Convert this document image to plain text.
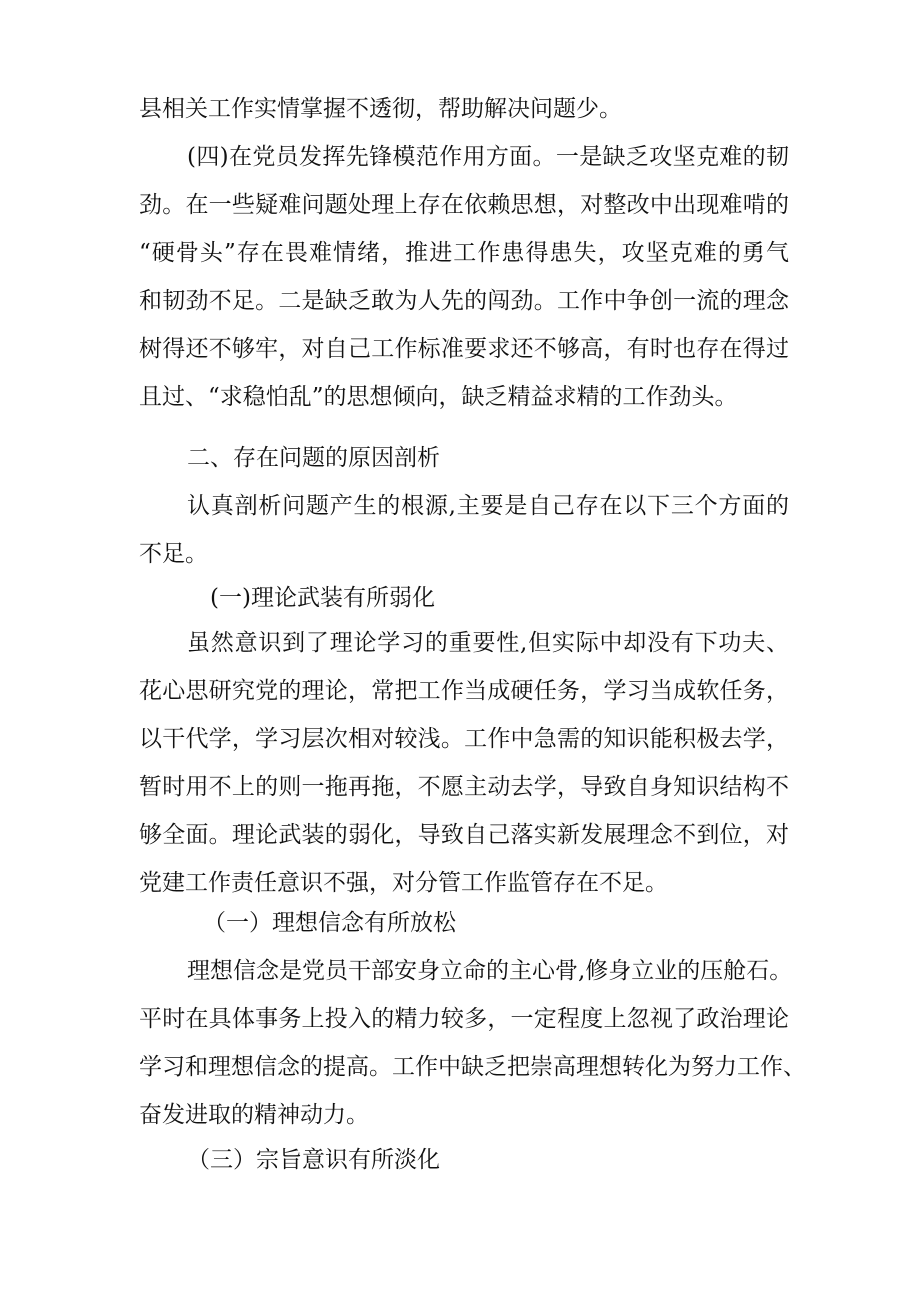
县相关工作实情掌握不透彻，帮助解决问题少。
(四)在党员发挥先锋模范作用方面。一是缺乏攻坚克难的韧
劲。在一些疑难问题处理上存在依赖思想，对整改中出现难啃的
“硬骨头”存在畏难情绪，推进工作患得患失，攻坚克难的勇气
和韧劲不足。二是缺乏敢为人先的闯劲。工作中争创一流的理念
树得还不够牢，对自己工作标准要求还不够高，有时也存在得过
且过、“求稳怕乱”的思想倾向，缺乏精益求精的工作劲头。
二、存在问题的原因剖析
认真剖析问题产生的根源,主要是自己存在以下三个方面的
不足。
(一)理论武装有所弱化
虽然意识到了理论学习的重要性,但实际中却没有下功夫、
花心思研究党的理论，常把工作当成硬任务，学习当成软任务，
以干代学，学习层次相对较浅。工作中急需的知识能积极去学，
暂时用不上的则一拖再拖，不愿主动去学，导致自身知识结构不
够全面。理论武装的弱化，导致自己落实新发展理念不到位，对
党建工作责任意识不强，对分管工作监管存在不足。
（一）理想信念有所放松
理想信念是党员干部安身立命的主心骨,修身立业的压舱石。
平时在具体事务上投入的精力较多，一定程度上忽视了政治理论
学习和理想信念的提高。工作中缺乏把崇高理想转化为努力工作、
奋发进取的精神动力。
（三）宗旨意识有所淡化
